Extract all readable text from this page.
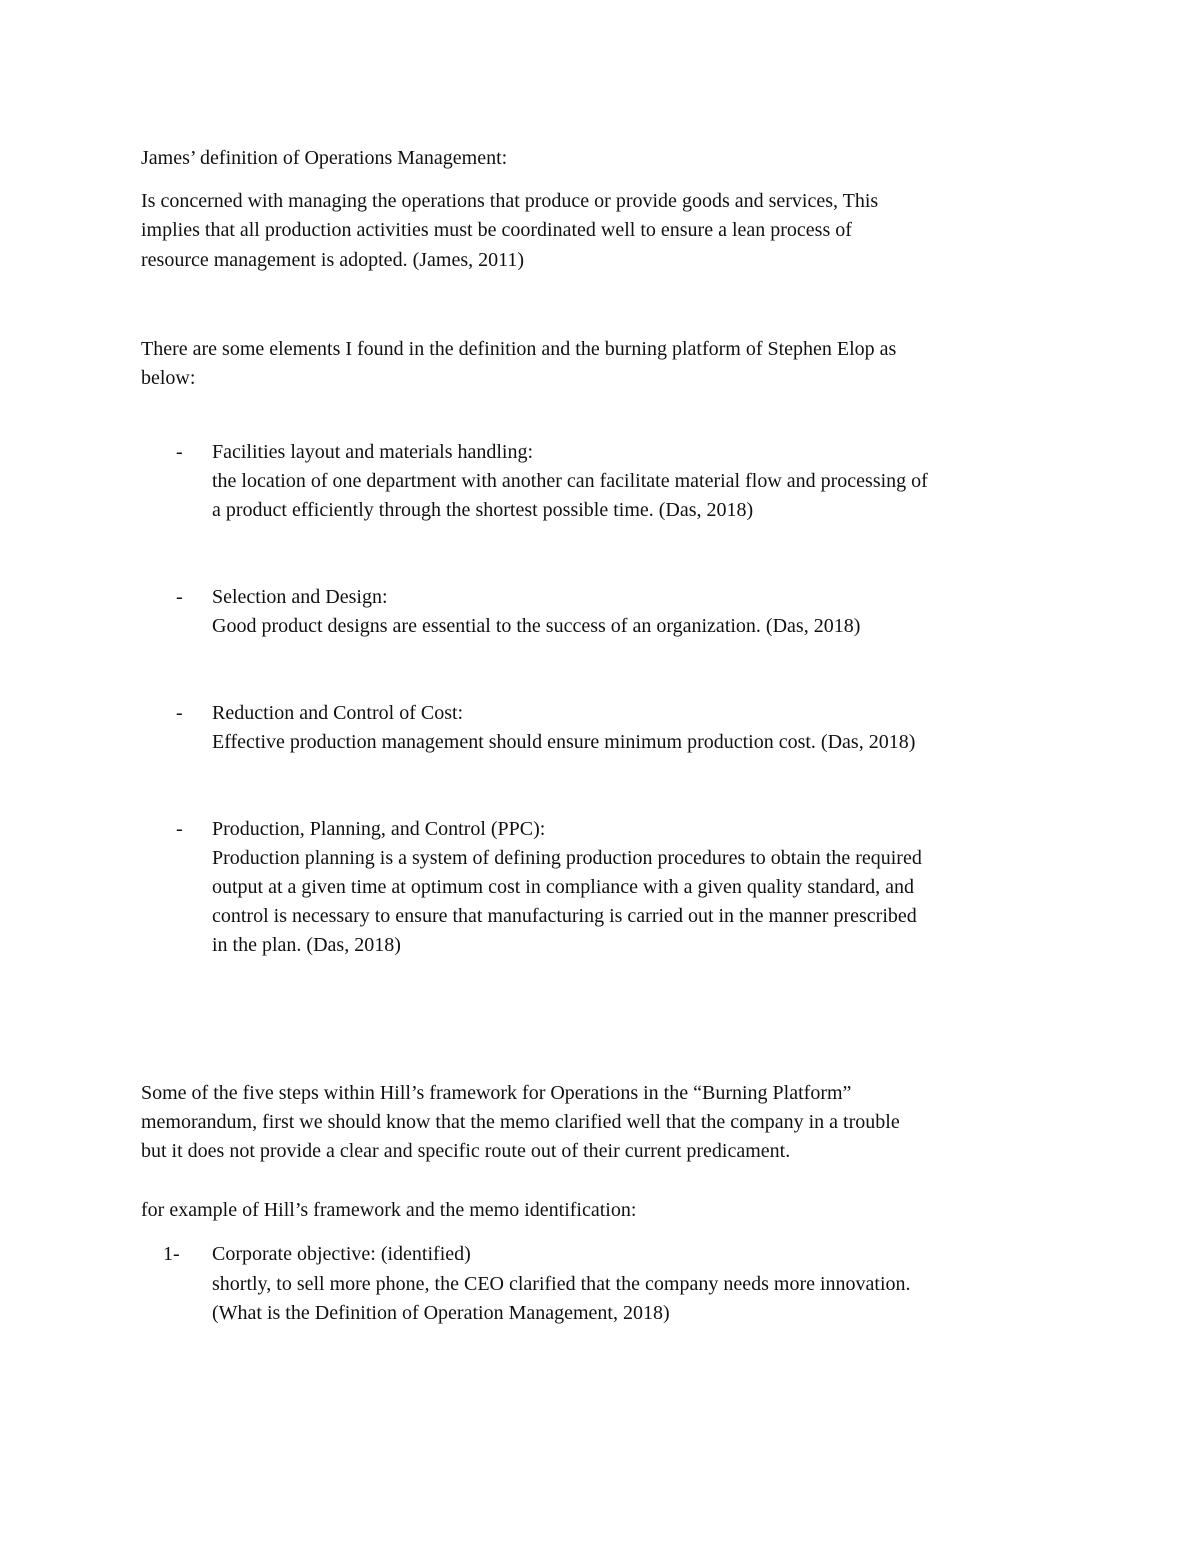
James’ definition of Operations Management:

Is concerned with managing the operations that produce or provide goods and services, This

implies that all production activities must be coordinated well to ensure a lean process of

resource management is adopted. (James, 2011)

There are some elements I found in the definition and the burning platform of Stephen Elop as

below:

- Facilities layout and materials handling:

the location of one department with another can facilitate material flow and processing of

a product efficiently through the shortest possible time. (Das, 2018)

- Selection and Design:

Good product designs are essential to the success of an organization. (Das, 2018)

- Reduction and Control of Cost:

Effective production management should ensure minimum production cost. (Das, 2018)

- Production, Planning, and Control (PPC):

Production planning is a system of defining production procedures to obtain the required

output at a given time at optimum cost in compliance with a given quality standard, and

control is necessary to ensure that manufacturing is carried out in the manner prescribed

in the plan. (Das, 2018)

Some of the five steps within Hill’s framework for Operations in the “Burning Platform”

memorandum, first we should know that the memo clarified well that the company in a trouble

but it does not provide a clear and specific route out of their current predicament.

for example of Hill’s framework and the memo identification:

1- Corporate objective: (identified)

shortly, to sell more phone, the CEO clarified that the company needs more innovation.

(What is the Definition of Operation Management, 2018)
